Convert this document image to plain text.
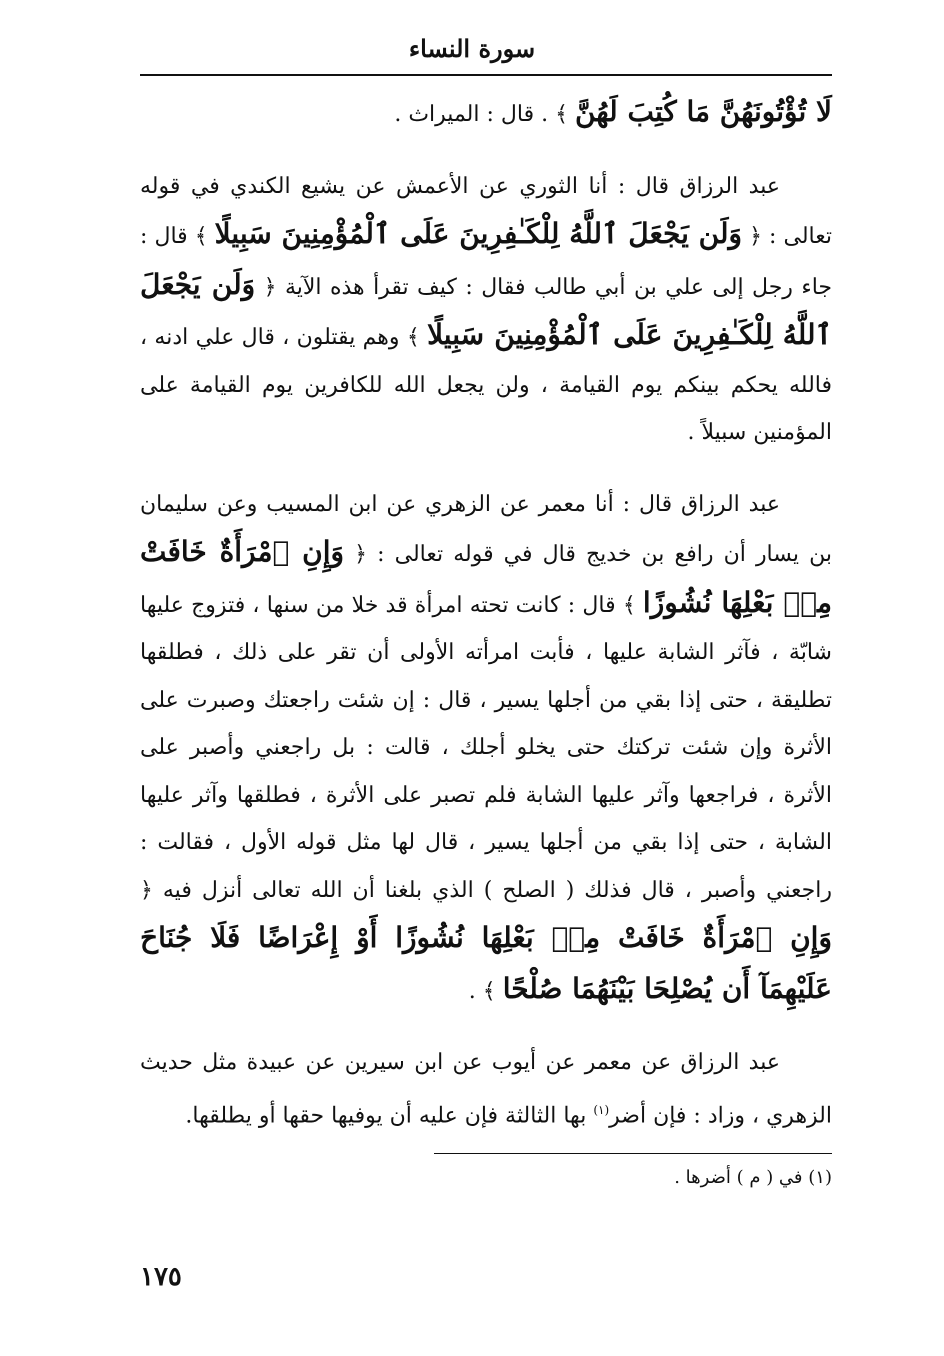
سورة النساء

لَا تُؤْتُونَهُنَّ مَا كُتِبَ لَهُنَّ ﴾ . قال : الميراث .

عبد الرزاق قال : أنا الثوري عن الأعمش عن يشيع الكندي في قوله تعالى : ﴿ وَلَن يَجْعَلَ ٱللَّهُ لِلْكَـٰفِرِينَ عَلَى ٱلْمُؤْمِنِينَ سَبِيلًا ﴾ قال : جاء رجل إلى علي بن أبي طالب فقال : كيف تقرأ هذه الآية ﴿ وَلَن يَجْعَلَ ٱللَّهُ لِلْكَـٰفِرِينَ عَلَى ٱلْمُؤْمِنِينَ سَبِيلًا ﴾ وهم يقتلون ، قال علي ادنه ، فالله يحكم بينكم يوم القيامة ، ولن يجعل الله للكافرين يوم القيامة على المؤمنين سبيلاً .

عبد الرزاق قال : أنا معمر عن الزهري عن ابن المسيب وعن سليمان بن يسار أن رافع بن خديج قال في قوله تعالى : ﴿ وَإِنِ ٱمْرَأَةٌ خَافَتْ مِنۢ بَعْلِهَا نُشُوزًا ﴾ قال : كانت تحته امرأة قد خلا من سنها ، فتزوج عليها شابّة ، فآثر الشابة عليها ، فأبت امرأته الأولى أن تقر على ذلك ، فطلقها تطليقة ، حتى إذا بقي من أجلها يسير ، قال : إن شئت راجعتك وصبرت على الأثرة وإن شئت تركتك حتى يخلو أجلك ، قالت : بل راجعني وأصبر على الأثرة ، فراجعها وآثر عليها الشابة فلم تصبر على الأثرة ، فطلقها وآثر عليها الشابة ، حتى إذا بقي من أجلها يسير ، قال لها مثل قوله الأول ، فقالت : راجعني وأصبر ، قال فذلك ( الصلح ) الذي بلغنا أن الله تعالى أنزل فيه ﴿ وَإِنِ ٱمْرَأَةٌ خَافَتْ مِنۢ بَعْلِهَا نُشُوزًا أَوْ إِعْرَاضًا فَلَا جُنَاحَ عَلَيْهِمَآ أَن يُصْلِحَا بَيْنَهُمَا صُلْحًا ﴾ .

عبد الرزاق عن معمر عن أيوب عن ابن سيرين عن عبيدة مثل حديث الزهري ، وزاد : فإن أضر$^{(١)}$ بها الثالثة فإن عليه أن يوفيها حقها أو يطلقها.

(١) في ( م ) أضرها .
١٧٥
